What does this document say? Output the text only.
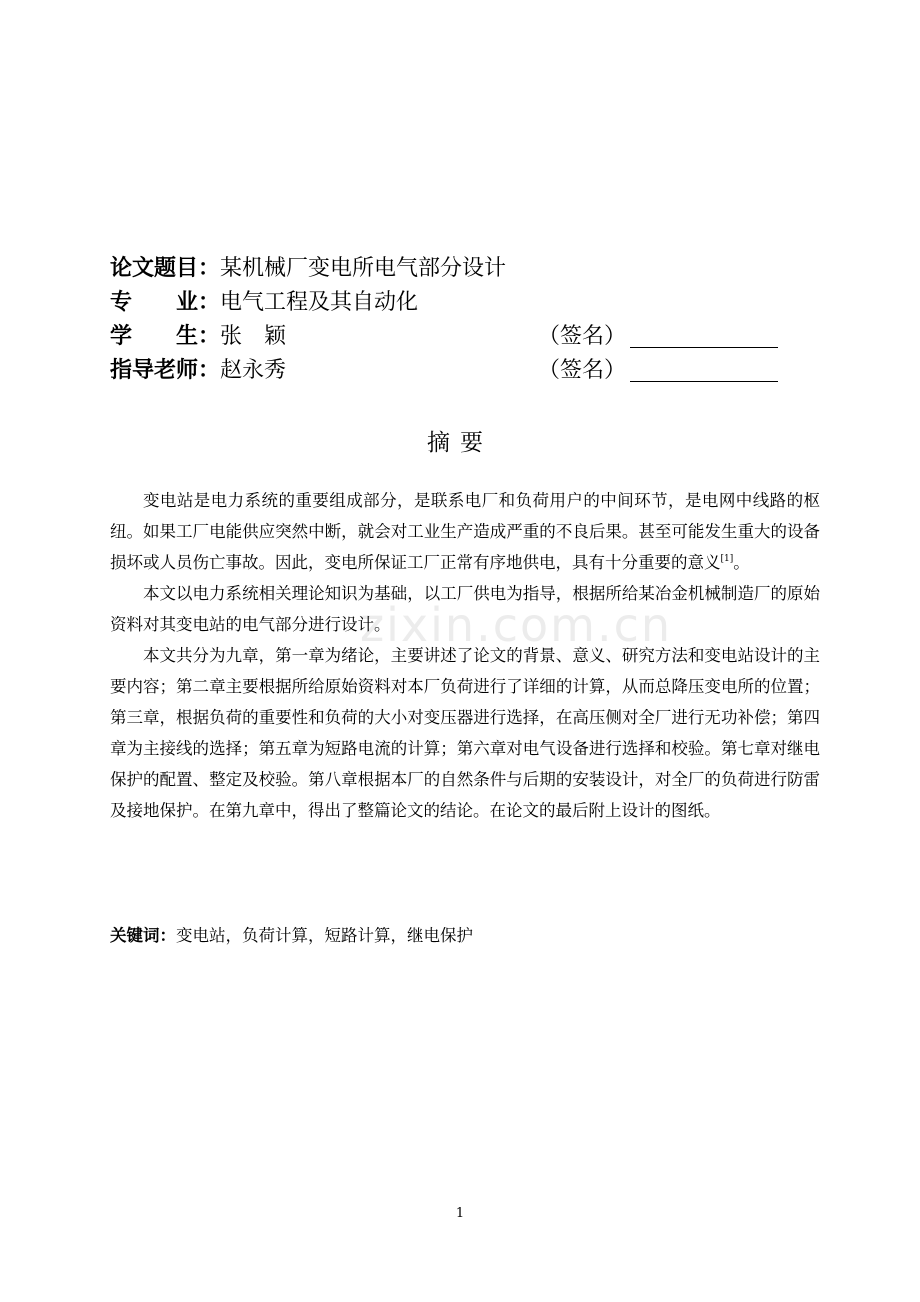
论文题目：某机械厂变电所电气部分设计
专　　业：电气工程及其自动化
学　　生：张　颖	（签名）
指导老师：赵永秀	（签名）
摘要
zixin.com.cn

变电站是电力系统的重要组成部分，是联系电厂和负荷用户的中间环节，是电网中线路的枢纽。如果工厂电能供应突然中断，就会对工业生产造成严重的不良后果。甚至可能发生重大的设备损坏或人员伤亡事故。因此，变电所保证工厂正常有序地供电，具有十分重要的意义[1]。

本文以电力系统相关理论知识为基础，以工厂供电为指导，根据所给某冶金机械制造厂的原始资料对其变电站的电气部分进行设计。

本文共分为九章，第一章为绪论，主要讲述了论文的背景、意义、研究方法和变电站设计的主要内容；第二章主要根据所给原始资料对本厂负荷进行了详细的计算，从而总降压变电所的位置；第三章，根据负荷的重要性和负荷的大小对变压器进行选择，在高压侧对全厂进行无功补偿；第四章为主接线的选择；第五章为短路电流的计算；第六章对电气设备进行选择和校验。第七章对继电保护的配置、整定及校验。第八章根据本厂的自然条件与后期的安装设计，对全厂的负荷进行防雷及接地保护。在第九章中，得出了整篇论文的结论。在论文的最后附上设计的图纸。

关键词：变电站，负荷计算，短路计算，继电保护
1
